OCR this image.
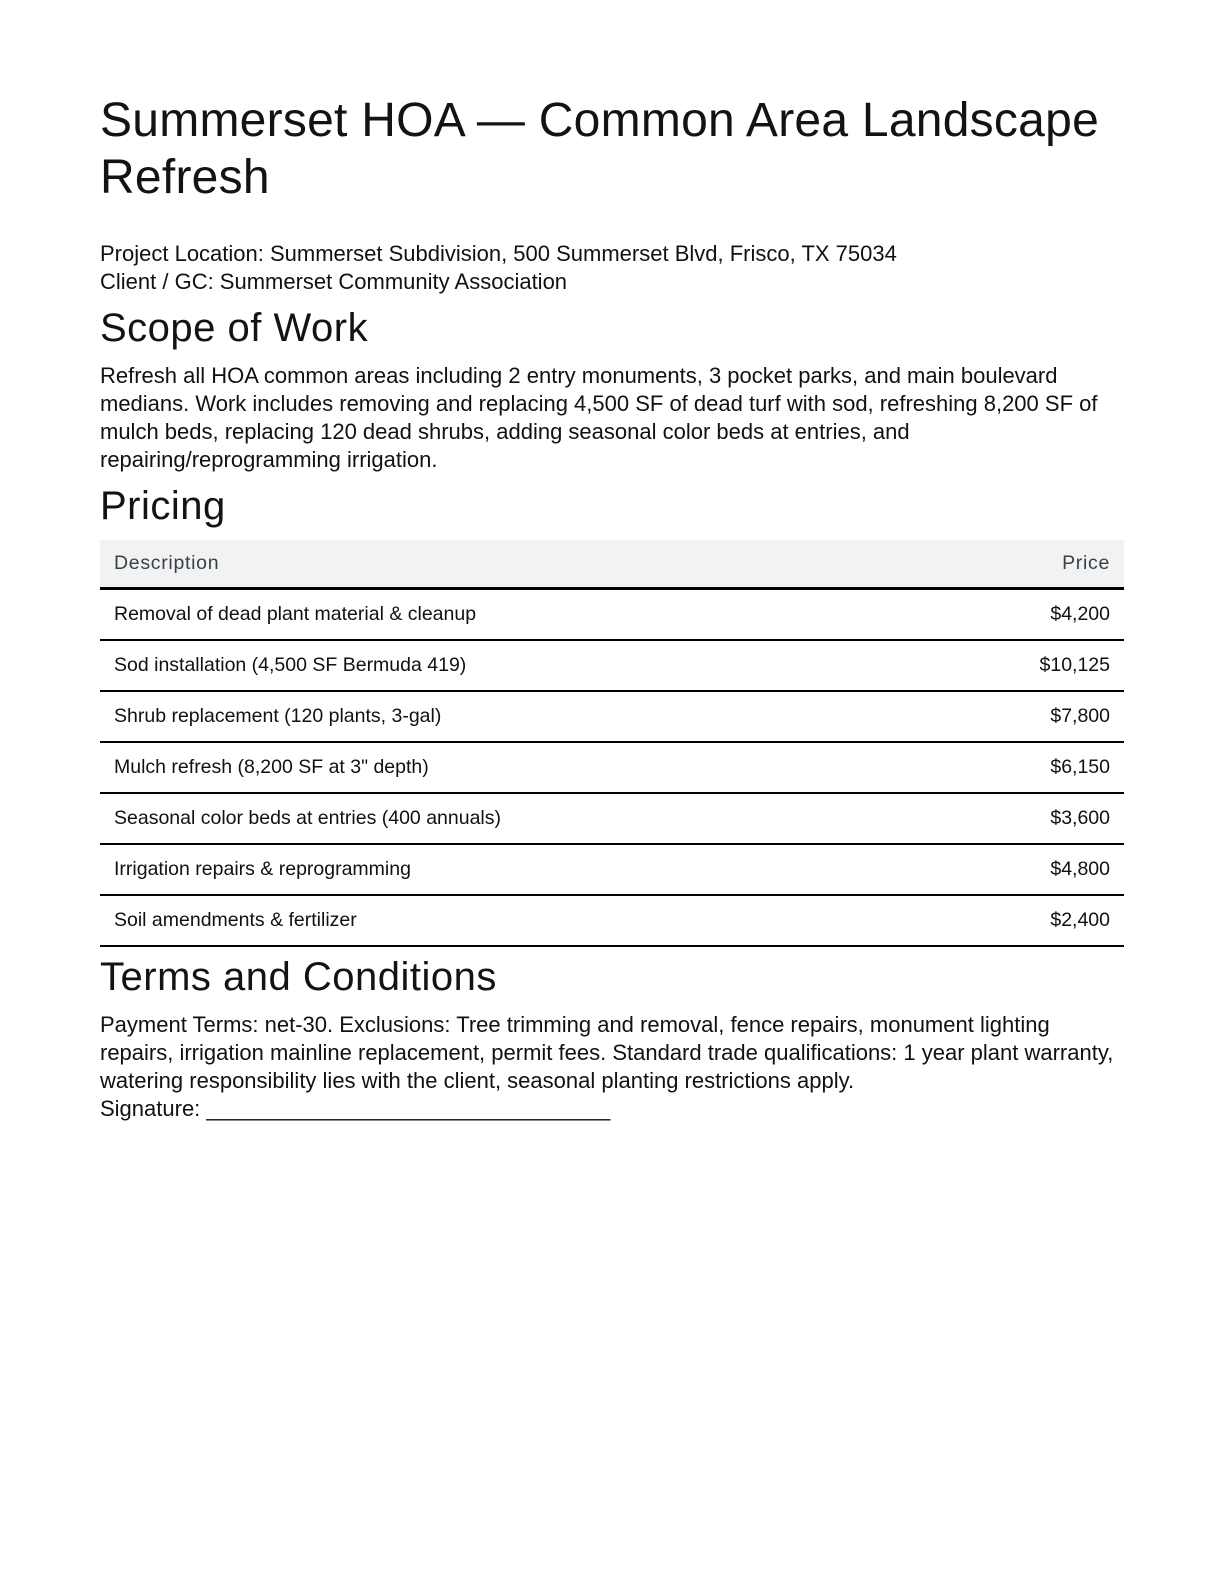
Summerset HOA — Common Area Landscape Refresh
Project Location: Summerset Subdivision, 500 Summerset Blvd, Frisco, TX 75034
Client / GC: Summerset Community Association
Scope of Work

Refresh all HOA common areas including 2 entry monuments, 3 pocket parks, and main boulevard medians. Work includes removing and replacing 4,500 SF of dead turf with sod, refreshing 8,200 SF of mulch beds, replacing 120 dead shrubs, adding seasonal color beds at entries, and repairing/reprogramming irrigation.

Pricing
Description	Price
Removal of dead plant material & cleanup	$4,200
Sod installation (4,500 SF Bermuda 419)	$10,125
Shrub replacement (120 plants, 3-gal)	$7,800
Mulch refresh (8,200 SF at 3" depth)	$6,150
Seasonal color beds at entries (400 annuals)	$3,600
Irrigation repairs & reprogramming	$4,800
Soil amendments & fertilizer	$2,400
Terms and Conditions

Payment Terms: net-30. Exclusions: Tree trimming and removal, fence repairs, monument lighting repairs, irrigation mainline replacement, permit fees. Standard trade qualifications: 1 year plant warranty, watering responsibility lies with the client, seasonal planting restrictions apply.

Signature: _________________________________
